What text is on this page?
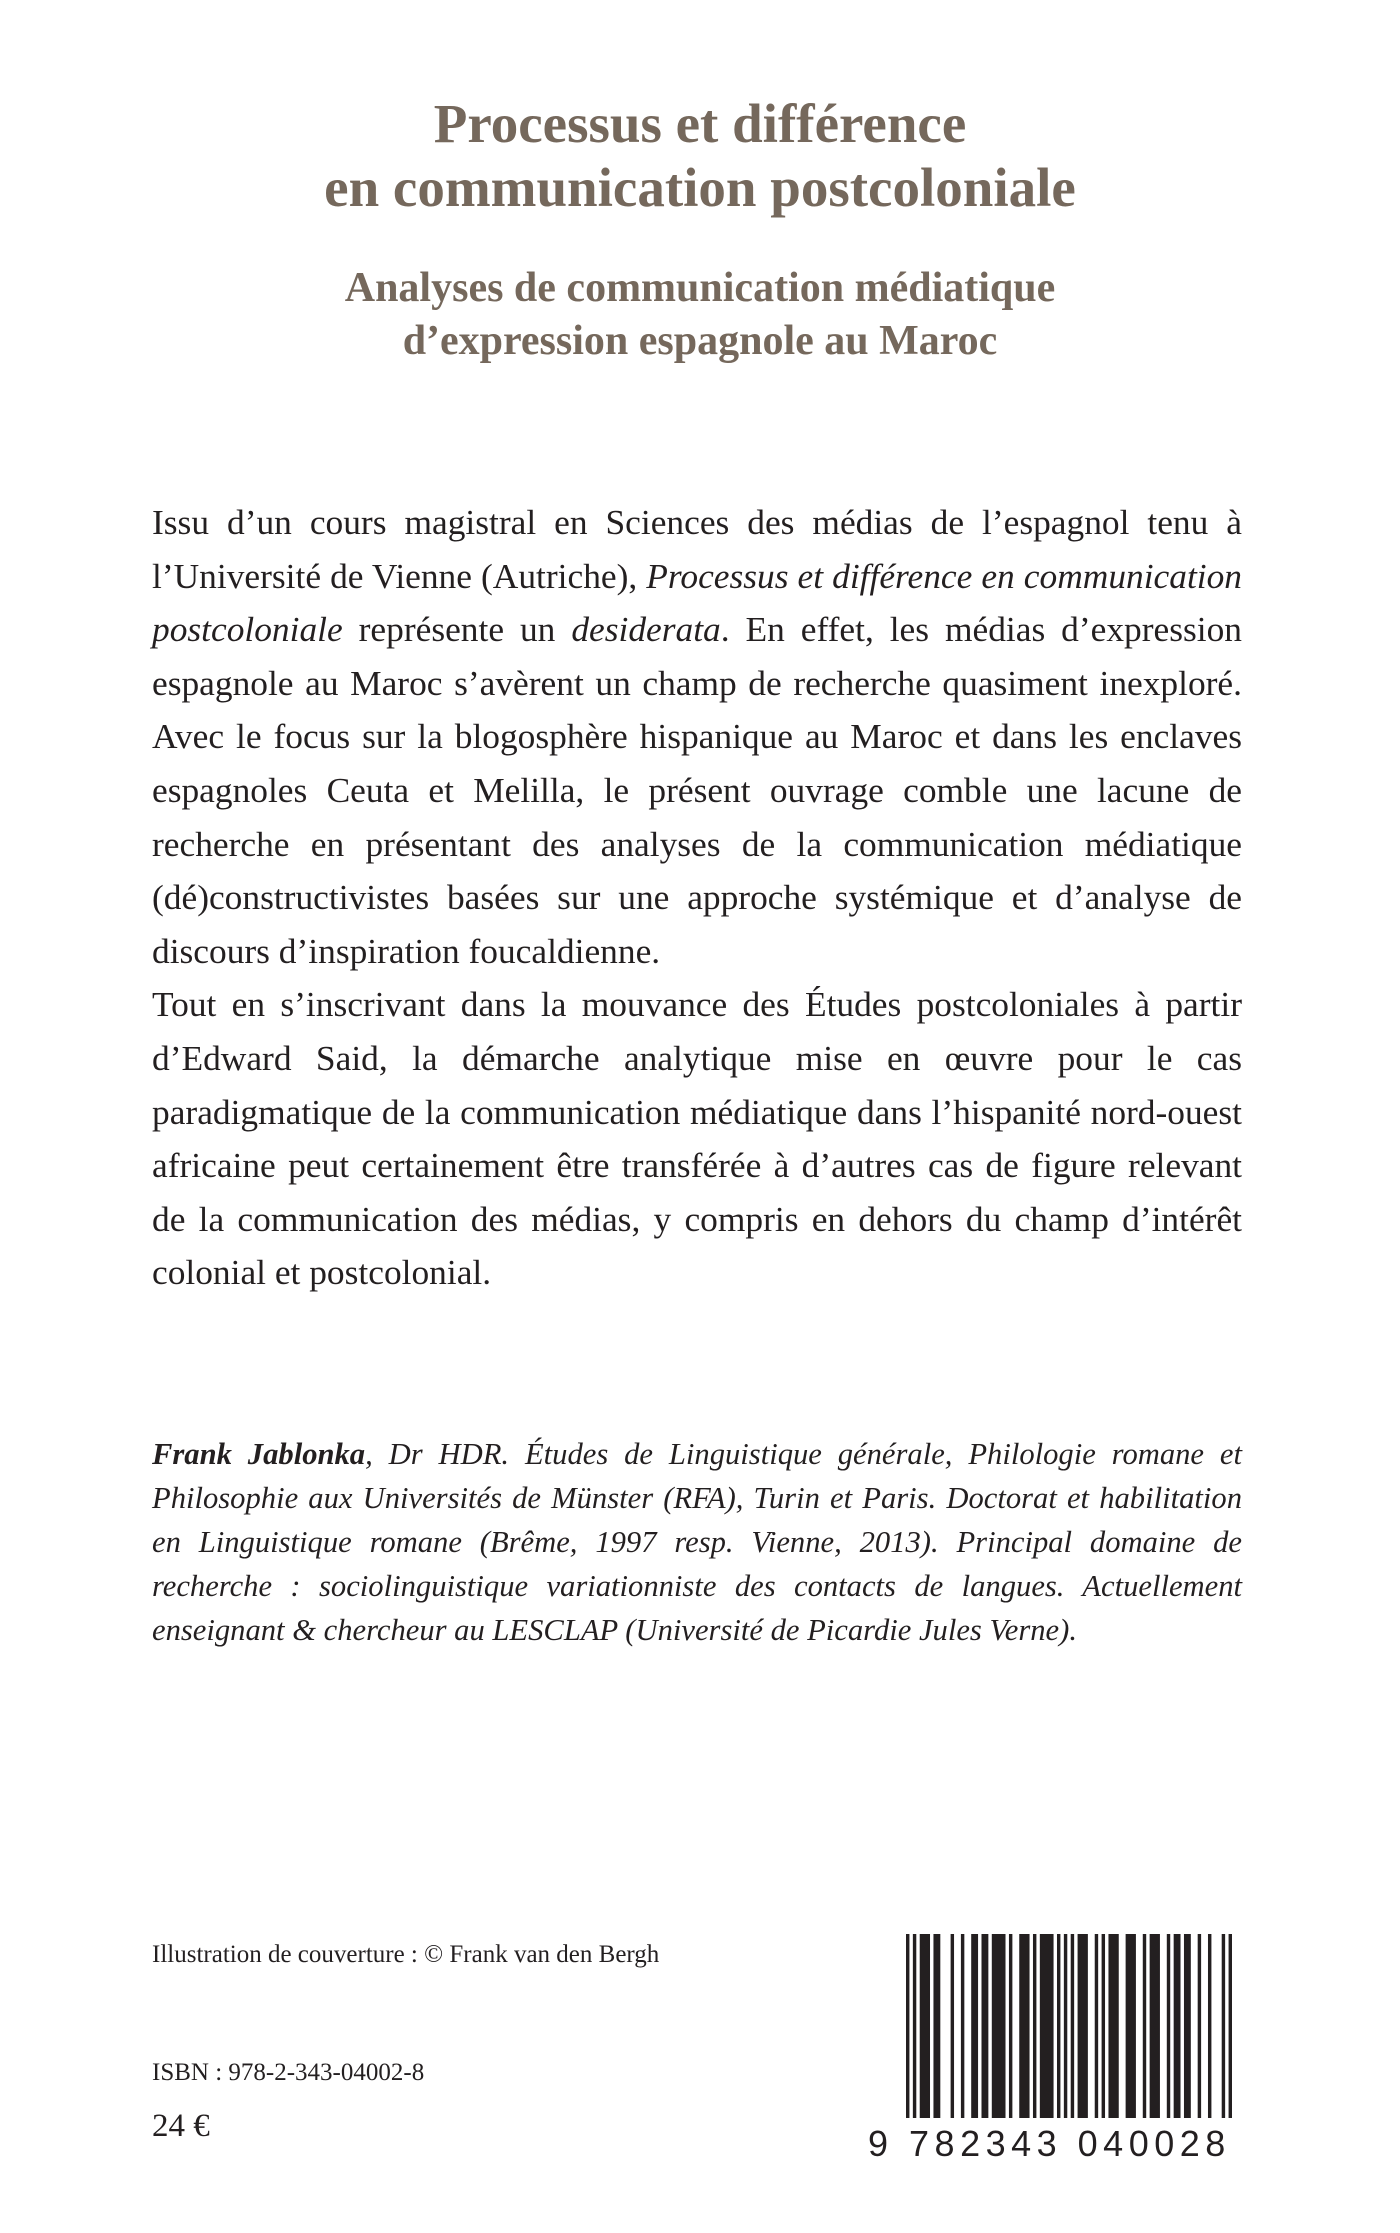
Processus et différence
en communication postcoloniale
Analyses de communication médiatique
d’expression espagnole au Maroc

Issu d’un cours magistral en Sciences des médias de l’espagnol tenu à l’Université de Vienne (Autriche), Processus et différence en communication postcoloniale représente un desiderata. En effet, les médias d’expression espagnole au Maroc s’avèrent un champ de recherche quasiment inexploré. Avec le focus sur la blogosphère hispanique au Maroc et dans les enclaves espagnoles Ceuta et Melilla, le présent ouvrage comble une lacune de recherche en présentant des analyses de la communication médiatique (dé)constructivistes basées sur une approche systémique et d’analyse de discours d’inspiration foucaldienne.

Tout en s’inscrivant dans la mouvance des Études postcoloniales à partir d’Edward Said, la démarche analytique mise en œuvre pour le cas paradigmatique de la communication médiatique dans l’hispanité nord-ouest africaine peut certainement être transférée à d’autres cas de figure relevant de la communication des médias, y compris en dehors du champ d’intérêt colonial et postcolonial.

Frank Jablonka, Dr HDR. Études de Linguistique générale, Philologie romane et Philosophie aux Universités de Münster (RFA), Turin et Paris. Doctorat et habilitation en Linguistique romane (Brême, 1997 resp. Vienne, 2013). Principal domaine de recherche : sociolinguistique variationniste des contacts de langues. Actuellement enseignant & chercheur au LESCLAP (Université de Picardie Jules Verne).
Illustration de couverture : © Frank van den Bergh
ISBN : 978-2-343-04002-8
24 €	9 782343 040028
